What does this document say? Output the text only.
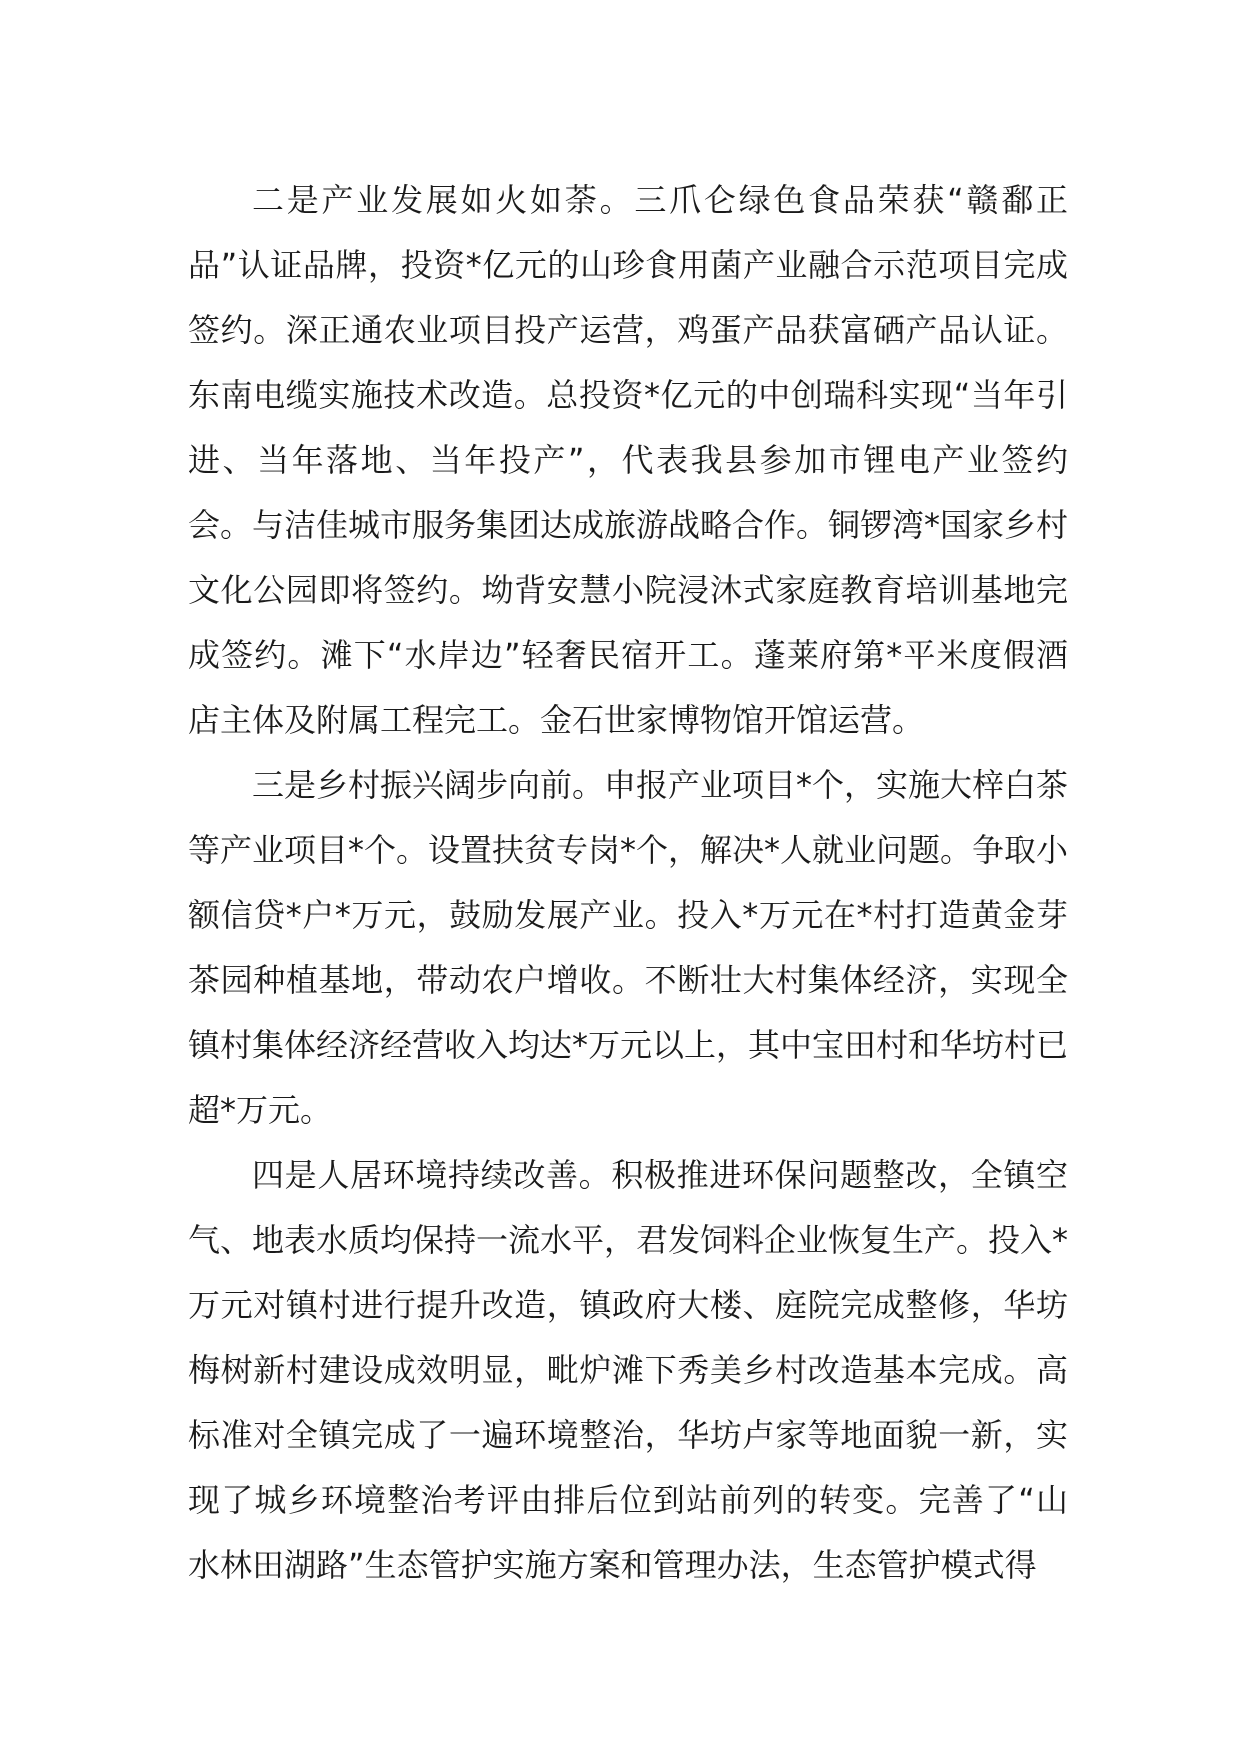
二是产业发展如火如荼。三爪仑绿色食品荣获“赣鄱正品”认证品牌，投资*亿元的山珍食用菌产业融合示范项目完成签约。深正通农业项目投产运营，鸡蛋产品获富硒产品认证。东南电缆实施技术改造。总投资*亿元的中创瑞科实现“当年引进、当年落地、当年投产”，代表我县参加市锂电产业签约会。与洁佳城市服务集团达成旅游战略合作。铜锣湾*国家乡村文化公园即将签约。坳背安慧小院浸沐式家庭教育培训基地完成签约。滩下“水岸边”轻奢民宿开工。蓬莱府第*平米度假酒店主体及附属工程完工。金石世家博物馆开馆运营。

三是乡村振兴阔步向前。申报产业项目*个，实施大梓白茶等产业项目*个。设置扶贫专岗*个，解决*人就业问题。争取小额信贷*户*万元，鼓励发展产业。投入*万元在*村打造黄金芽茶园种植基地，带动农户增收。不断壮大村集体经济，实现全镇村集体经济经营收入均达*万元以上，其中宝田村和华坊村已超*万元。

四是人居环境持续改善。积极推进环保问题整改，全镇空气、地表水质均保持一流水平，君发饲料企业恢复生产。投入*万元对镇村进行提升改造，镇政府大楼、庭院完成整修，华坊梅树新村建设成效明显，毗炉滩下秀美乡村改造基本完成。高标准对全镇完成了一遍环境整治，华坊卢家等地面貌一新，实现了城乡环境整治考评由排后位到站前列的转变。完善了“山水林田湖路”生态管护实施方案和管理办法，生态管护模式得
